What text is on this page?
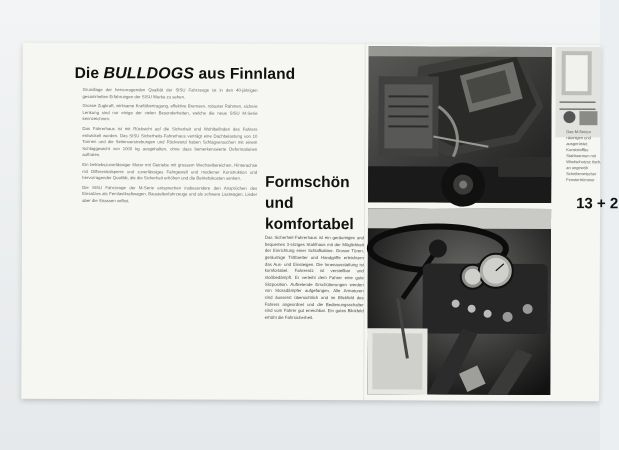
Die BULLDOGS aus Finnland

Grundlage der hervorragenden Qualität der SISU Fahrzeuge ist in den 40-jährigen gesammelten Erfahrungen der SISU Werke zu sehen.

Grosse Zugkraft, wirksame Kraftübertragung, effektive Bremsen, robuster Rahmen, sichere Lenkung sind nur einige der vielen Besonderheiten, welche die neue SISU M-Serie kennzeichnen.

Das Fahrerhaus ist mit Rücksicht auf die Sicherheit und Wohlbefinden des Fahrers entwickelt worden. Das SISU Sicherheits-Fahrerhaus verträgt eine Dachbelastung von 10 Tonnen und die Seitenverstrebungen und Rückwand haben Schlagversuchen mit einem Schlaggewicht von 1000 kg ausgehalten, ohne dass bemerkenswerte Deformationen auftraten.

Ein betriebszuverlässiger Motor mit Getriebe mit grossem Wechselbereichen, Hinterachse mit Differentialsperre und zuverlässiges Fahrgestell und moderner Konstruktion und hervorragender Qualität, die die Sicherheit erhöhen und die Betriebskosten senken.

Die SISU Fahrzeuge der M-Serie entsprechen insbesondere den Ansprüchen des Einsatzes als Fernlastkraftwagen, Baustellenfahrzeuge und als schwere Lastwagen, Lieder aber die Strassen selbst.

Formschön und komfortabel

Das Sicherheit-Fahrerhaus ist ein geräumiges und bequemes 3-sitziges Stahlhaus mit der Möglichkeit der Einrichtung einer Schlafkabine. Grosse Türen, geräumige Trittbretter und Handgriffe erleichtern das Aus- und Einsteigen. Die Innenausstattung ist komfortabel. Fahrersitz ist verstellbar und stoßbedämpft. Er verleiht dem Fahrer eine gute Sitzposition. Auftretende Erschütterungen werden von Stossdämpfer aufgefangen. Alle Armaturen sind äusserst übersichtlich und im Blickfeld des Fahrers angeordnet und die Bedienungsschalter sind vom Fahrer gut erreichbar. Ein gutes Blickfeld erhöht die Fahrsicherheit.

Das M-Serien räumigen und ausgerüstet. Kunststoffbe Stahlwannen mit Windschutzsc tisch, an ungewöh Scheibenwischer Fenstertrümmer
13 + 2
